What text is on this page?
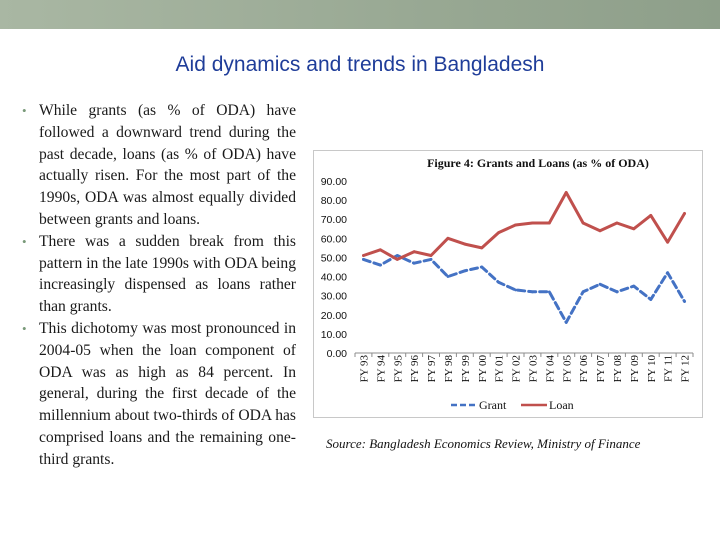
Aid dynamics and trends in Bangladesh
• While grants (as % of ODA) have followed a downward trend during the past decade, loans (as % of ODA) have actually risen. For the most part of the 1990s, ODA was almost equally divided between grants and loans.
• There was a sudden break from this pattern in the late 1990s with ODA being increasingly dispensed as loans rather than grants.
• This dichotomy was most pronounced in 2004-05 when the loan component of ODA was as high as 84 percent. In general, during the first decade of the millennium about two-thirds of ODA has comprised loans and the remaining one-third grants.
Figure 4: Grants and Loans (as % of ODA)
0.00
10.00
20.00
30.00
40.00
50.00
60.00
70.00
80.00
90.00
FY 93 FY 94 FY 95 FY 96 FY 97 FY 98 FY 99 FY 00 FY 01 FY 02 FY 03 FY 04 FY 05 FY 06 FY 07 FY 08 FY 09 FY 10 FY 11 FY 12
Grant	Loan
Source: Bangladesh Economics Review, Ministry of Finance
